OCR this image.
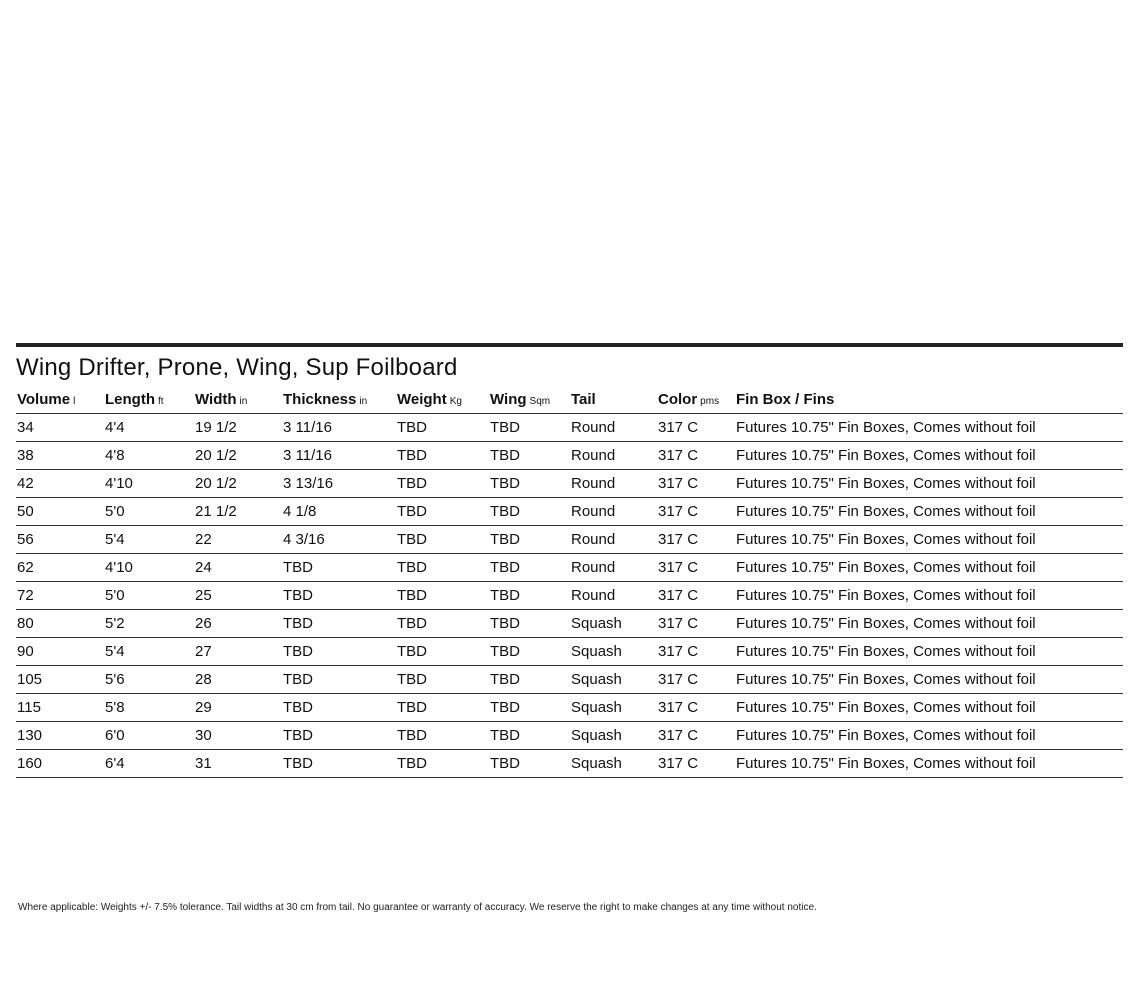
Wing Drifter, Prone, Wing, Sup Foilboard
Volume l	Length ft	Width in	Thickness in	Weight Kg	Wing Sqm	Tail	Color pms	Fin Box / Fins
34	4'4	19 1/2	3 11/16	TBD	TBD	Round	317 C	Futures 10.75" Fin Boxes, Comes without foil
38	4'8	20 1/2	3 11/16	TBD	TBD	Round	317 C	Futures 10.75" Fin Boxes, Comes without foil
42	4'10	20 1/2	3 13/16	TBD	TBD	Round	317 C	Futures 10.75" Fin Boxes, Comes without foil
50	5'0	21 1/2	4 1/8	TBD	TBD	Round	317 C	Futures 10.75" Fin Boxes, Comes without foil
56	5'4	22	4 3/16	TBD	TBD	Round	317 C	Futures 10.75" Fin Boxes, Comes without foil
62	4'10	24	TBD	TBD	TBD	Round	317 C	Futures 10.75" Fin Boxes, Comes without foil
72	5'0	25	TBD	TBD	TBD	Round	317 C	Futures 10.75" Fin Boxes, Comes without foil
80	5'2	26	TBD	TBD	TBD	Squash	317 C	Futures 10.75" Fin Boxes, Comes without foil
90	5'4	27	TBD	TBD	TBD	Squash	317 C	Futures 10.75" Fin Boxes, Comes without foil
105	5'6	28	TBD	TBD	TBD	Squash	317 C	Futures 10.75" Fin Boxes, Comes without foil
115	5'8	29	TBD	TBD	TBD	Squash	317 C	Futures 10.75" Fin Boxes, Comes without foil
130	6'0	30	TBD	TBD	TBD	Squash	317 C	Futures 10.75" Fin Boxes, Comes without foil
160	6'4	31	TBD	TBD	TBD	Squash	317 C	Futures 10.75" Fin Boxes, Comes without foil
Where applicable: Weights +/- 7.5% tolerance. Tail widths at 30 cm from tail. No guarantee or warranty of accuracy. We reserve the right to make changes at any time without notice.
